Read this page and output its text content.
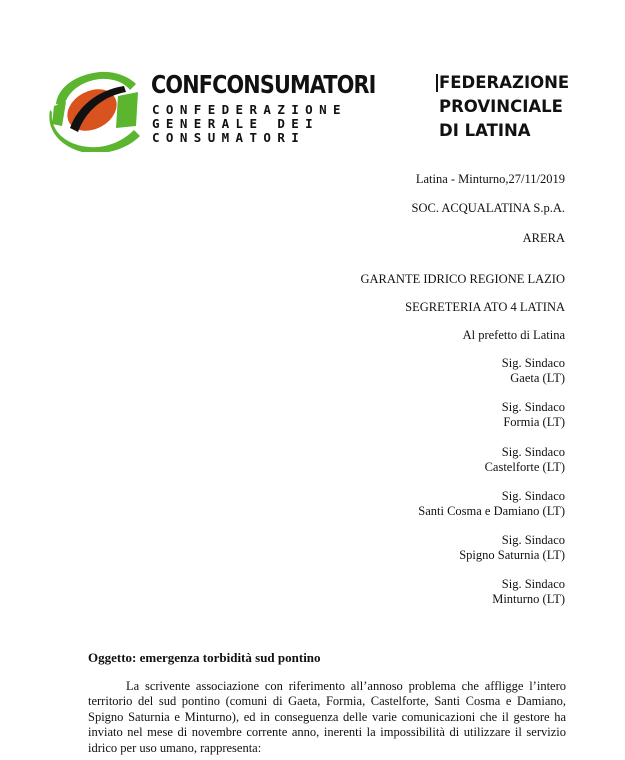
CONFCONSUMATORI
CONFEDERAZIONE
GENERALE DEI
CONSUMATORI
FEDERAZIONE
PROVINCIALE
DI LATINA
Latina - Minturno,27/11/2019
SOC. ACQUALATINA S.p.A.
ARERA
GARANTE IDRICO REGIONE LAZIO
SEGRETERIA ATO 4 LATINA
Al prefetto di Latina
Sig. Sindaco
Gaeta (LT)
Sig. Sindaco
Formia (LT)
Sig. Sindaco
Castelforte (LT)
Sig. Sindaco
Santi Cosma e Damiano (LT)
Sig. Sindaco
Spigno Saturnia (LT)
Sig. Sindaco
Minturno (LT)
Oggetto: emergenza torbidità sud pontino
La scrivente associazione con riferimento all’annoso problema che affligge l’intero
territorio del sud pontino (comuni di Gaeta, Formia, Castelforte, Santi Cosma e Damiano,
Spigno Saturnia e Minturno), ed in conseguenza delle varie comunicazioni che il gestore ha
inviato nel mese di novembre corrente anno, inerenti la impossibilità di utilizzare il servizio
idrico per uso umano, rappresenta:
